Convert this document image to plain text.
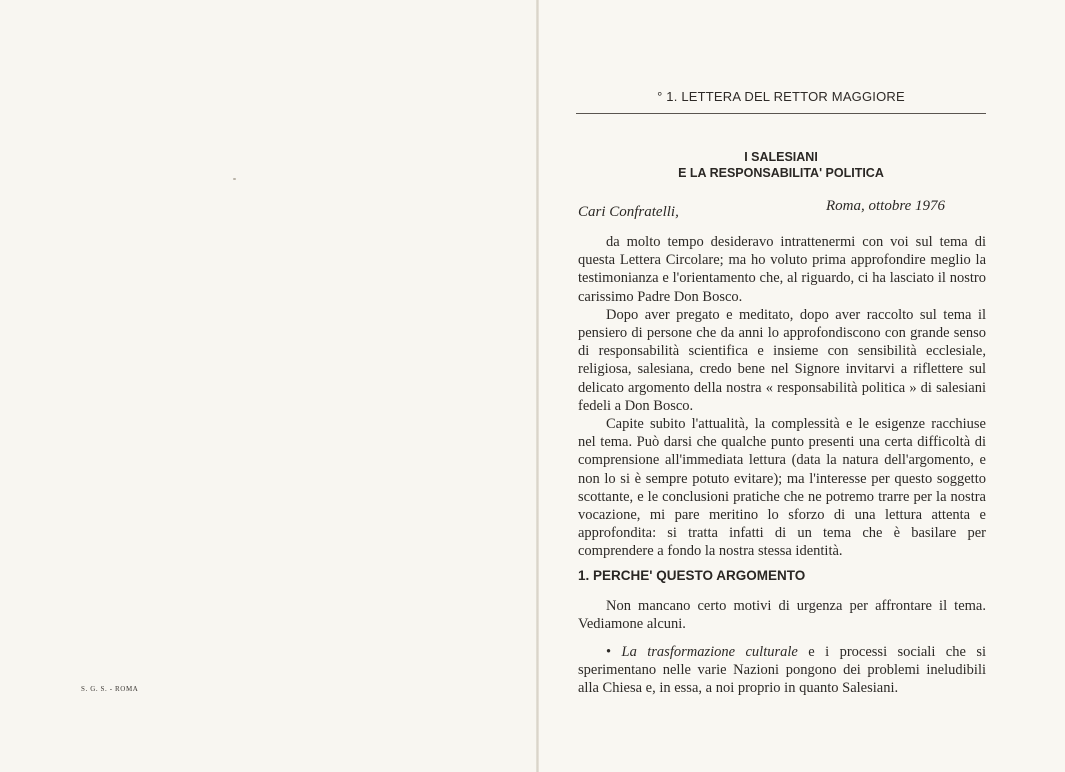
S. G. S. - ROMA
° 1. LETTERA DEL RETTOR MAGGIORE
I SALESIANI
E LA RESPONSABILITA' POLITICA
Cari Confratelli,	Roma, ottobre 1976

da molto tempo desideravo intrattenermi con voi sul tema di questa Lettera Circolare; ma ho voluto prima approfondire meglio la testimonianza e l'orientamento che, al riguardo, ci ha lasciato il nostro carissimo Padre Don Bosco.

Dopo aver pregato e meditato, dopo aver raccolto sul tema il pensiero di persone che da anni lo approfondiscono con grande senso di responsabilità scientifica e insieme con sensibilità ecclesiale, religiosa, salesiana, credo bene nel Signore invitarvi a riflettere sul delicato argomento della nostra « responsabilità politica » di salesiani fedeli a Don Bosco.

Capite subito l'attualità, la complessità e le esigenze racchiuse nel tema. Può darsi che qualche punto presenti una certa difficoltà di comprensione all'immediata lettura (data la natura dell'argomento, e non lo si è sempre potuto evitare); ma l'interesse per questo soggetto scottante, e le conclusioni pratiche che ne potremo trarre per la nostra vocazione, mi pare meritino lo sforzo di una lettura attenta e approfondita: si tratta infatti di un tema che è basilare per comprendere a fondo la nostra stessa identità.

1. PERCHE' QUESTO ARGOMENTO

Non mancano certo motivi di urgenza per affrontare il tema. Vediamone alcuni.

• La trasformazione culturale e i processi sociali che si sperimentano nelle varie Nazioni pongono dei problemi ineludibili alla Chiesa e, in essa, a noi proprio in quanto Salesiani.
